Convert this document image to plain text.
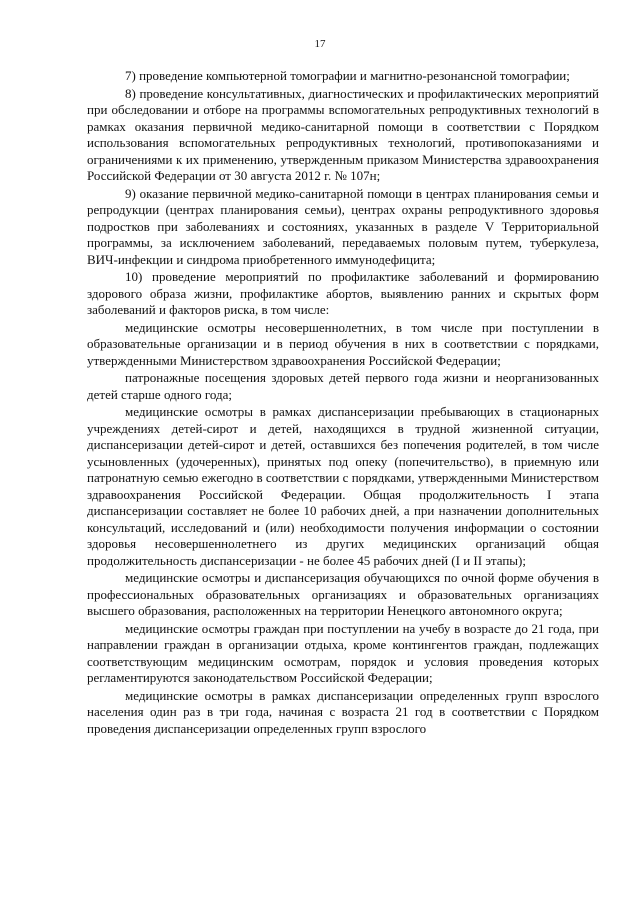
17

7) проведение компьютерной томографии и магнитно-резонансной томографии;

8) проведение консультативных, диагностических и профилактических мероприятий при обследовании и отборе на программы вспомогательных репродуктивных технологий в рамках оказания первичной медико-санитарной помощи в соответствии с Порядком использования вспомогательных репродуктивных технологий, противопоказаниями и ограничениями к их применению, утвержденным приказом Министерства здравоохранения Российской Федерации от 30 августа 2012 г. № 107н;

9) оказание первичной медико-санитарной помощи в центрах планирования семьи и репродукции (центрах планирования семьи), центрах охраны репродуктивного здоровья подростков при заболеваниях и состояниях, указанных в разделе V Территориальной программы, за исключением заболеваний, передаваемых половым путем, туберкулеза, ВИЧ-инфекции и синдрома приобретенного иммунодефицита;

10) проведение мероприятий по профилактике заболеваний и формированию здорового образа жизни, профилактике абортов, выявлению ранних и скрытых форм заболеваний и факторов риска, в том числе:

медицинские осмотры несовершеннолетних, в том числе при поступлении в образовательные организации и в период обучения в них в соответствии с порядками, утвержденными Министерством здравоохранения Российской Федерации;

патронажные посещения здоровых детей первого года жизни и неорганизованных детей старше одного года;

медицинские осмотры в рамках диспансеризации пребывающих в стационарных учреждениях детей-сирот и детей, находящихся в трудной жизненной ситуации, диспансеризации детей-сирот и детей, оставшихся без попечения родителей, в том числе усыновленных (удочеренных), принятых под опеку (попечительство), в приемную или патронатную семью ежегодно в соответствии с порядками, утвержденными Министерством здравоохранения Российской Федерации. Общая продолжительность I этапа диспансеризации составляет не более 10 рабочих дней, а при назначении дополнительных консультаций, исследований и (или) необходимости получения информации о состоянии здоровья несовершеннолетнего из других медицинских организаций общая продолжительность диспансеризации - не более 45 рабочих дней (I и II этапы);

медицинские осмотры и диспансеризация обучающихся по очной форме обучения в профессиональных образовательных организациях и образовательных организациях высшего образования, расположенных на территории Ненецкого автономного округа;

медицинские осмотры граждан при поступлении на учебу в возрасте до 21 года, при направлении граждан в организации отдыха, кроме контингентов граждан, подлежащих соответствующим медицинским осмотрам, порядок и условия проведения которых регламентируются законодательством Российской Федерации;

медицинские осмотры в рамках диспансеризации определенных групп взрослого населения один раз в три года, начиная с возраста 21 год в соответствии с Порядком проведения диспансеризации определенных групп взрослого
